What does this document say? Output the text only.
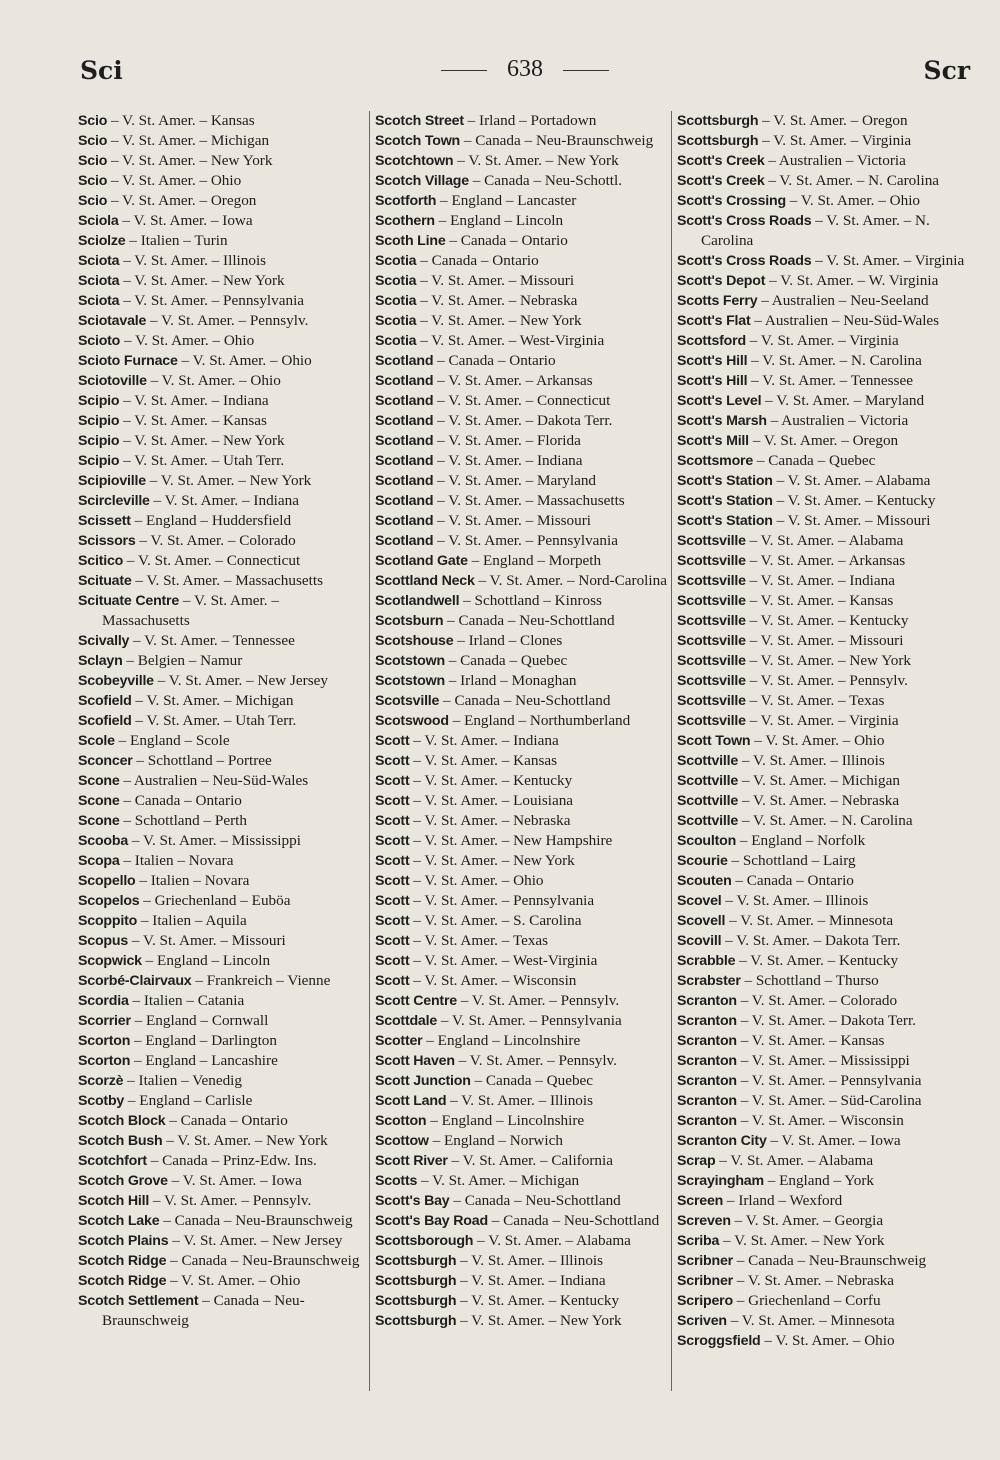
Sci	638	Scr
Scio – V. St. Amer. – Kansas
Scio – V. St. Amer. – Michigan
Scio – V. St. Amer. – New York
Scio – V. St. Amer. – Ohio
Scio – V. St. Amer. – Oregon
Sciola – V. St. Amer. – Iowa
Sciolze – Italien – Turin
Sciota – V. St. Amer. – Illinois
Sciota – V. St. Amer. – New York
Sciota – V. St. Amer. – Pennsylvania
Sciotavale – V. St. Amer. – Pennsylv.
Scioto – V. St. Amer. – Ohio
Scioto Furnace – V. St. Amer. – Ohio
Sciotoville – V. St. Amer. – Ohio
Scipio – V. St. Amer. – Indiana
Scipio – V. St. Amer. – Kansas
Scipio – V. St. Amer. – New York
Scipio – V. St. Amer. – Utah Terr.
Scipioville – V. St. Amer. – New York
Scircleville – V. St. Amer. – Indiana
Scissett – England – Huddersfield
Scissors – V. St. Amer. – Colorado
Scitico – V. St. Amer. – Connecticut
Scituate – V. St. Amer. – Massachusetts
Scituate Centre – V. St. Amer. – Massachusetts
Scivally – V. St. Amer. – Tennessee
Sclayn – Belgien – Namur
Scobeyville – V. St. Amer. – New Jersey
Scofield – V. St. Amer. – Michigan
Scofield – V. St. Amer. – Utah Terr.
Scole – England – Scole
Sconcer – Schottland – Portree
Scone – Australien – Neu-Süd-Wales
Scone – Canada – Ontario
Scone – Schottland – Perth
Scooba – V. St. Amer. – Mississippi
Scopa – Italien – Novara
Scopello – Italien – Novara
Scopelos – Griechenland – Euböa
Scoppito – Italien – Aquila
Scopus – V. St. Amer. – Missouri
Scopwick – England – Lincoln
Scorbé-Clairvaux – Frankreich – Vienne
Scordia – Italien – Catania
Scorrier – England – Cornwall
Scorton – England – Darlington
Scorton – England – Lancashire
Scorzè – Italien – Venedig
Scotby – England – Carlisle
Scotch Block – Canada – Ontario
Scotch Bush – V. St. Amer. – New York
Scotchfort – Canada – Prinz-Edw. Ins.
Scotch Grove – V. St. Amer. – Iowa
Scotch Hill – V. St. Amer. – Pennsylv.
Scotch Lake – Canada – Neu-Braunschweig
Scotch Plains – V. St. Amer. – New Jersey
Scotch Ridge – Canada – Neu-Braunschweig
Scotch Ridge – V. St. Amer. – Ohio
Scotch Settlement – Canada – Neu-Braunschweig
Scotch Street – Irland – Portadown
Scotch Town – Canada – Neu-Braunschweig
Scotchtown – V. St. Amer. – New York
Scotch Village – Canada – Neu-Schottl.
Scotforth – England – Lancaster
Scothern – England – Lincoln
Scoth Line – Canada – Ontario
Scotia – Canada – Ontario
Scotia – V. St. Amer. – Missouri
Scotia – V. St. Amer. – Nebraska
Scotia – V. St. Amer. – New York
Scotia – V. St. Amer. – West-Virginia
Scotland – Canada – Ontario
Scotland – V. St. Amer. – Arkansas
Scotland – V. St. Amer. – Connecticut
Scotland – V. St. Amer. – Dakota Terr.
Scotland – V. St. Amer. – Florida
Scotland – V. St. Amer. – Indiana
Scotland – V. St. Amer. – Maryland
Scotland – V. St. Amer. – Massachusetts
Scotland – V. St. Amer. – Missouri
Scotland – V. St. Amer. – Pennsylvania
Scotland Gate – England – Morpeth
Scottland Neck – V. St. Amer. – Nord-Carolina
Scotlandwell – Schottland – Kinross
Scotsburn – Canada – Neu-Schottland
Scotshouse – Irland – Clones
Scotstown – Canada – Quebec
Scotstown – Irland – Monaghan
Scotsville – Canada – Neu-Schottland
Scotswood – England – Northumberland
Scott – V. St. Amer. – Indiana
Scott – V. St. Amer. – Kansas
Scott – V. St. Amer. – Kentucky
Scott – V. St. Amer. – Louisiana
Scott – V. St. Amer. – Nebraska
Scott – V. St. Amer. – New Hampshire
Scott – V. St. Amer. – New York
Scott – V. St. Amer. – Ohio
Scott – V. St. Amer. – Pennsylvania
Scott – V. St. Amer. – S. Carolina
Scott – V. St. Amer. – Texas
Scott – V. St. Amer. – West-Virginia
Scott – V. St. Amer. – Wisconsin
Scott Centre – V. St. Amer. – Pennsylv.
Scottdale – V. St. Amer. – Pennsylvania
Scotter – England – Lincolnshire
Scott Haven – V. St. Amer. – Pennsylv.
Scott Junction – Canada – Quebec
Scott Land – V. St. Amer. – Illinois
Scotton – England – Lincolnshire
Scottow – England – Norwich
Scott River – V. St. Amer. – California
Scotts – V. St. Amer. – Michigan
Scott's Bay – Canada – Neu-Schottland
Scott's Bay Road – Canada – Neu-Schottland
Scottsborough – V. St. Amer. – Alabama
Scottsburgh – V. St. Amer. – Illinois
Scottsburgh – V. St. Amer. – Indiana
Scottsburgh – V. St. Amer. – Kentucky
Scottsburgh – V. St. Amer. – New York
Scottsburgh – V. St. Amer. – Oregon
Scottsburgh – V. St. Amer. – Virginia
Scott's Creek – Australien – Victoria
Scott's Creek – V. St. Amer. – N. Carolina
Scott's Crossing – V. St. Amer. – Ohio
Scott's Cross Roads – V. St. Amer. – N. Carolina
Scott's Cross Roads – V. St. Amer. – Virginia
Scott's Depot – V. St. Amer. – W. Virginia
Scotts Ferry – Australien – Neu-Seeland
Scott's Flat – Australien – Neu-Süd-Wales
Scottsford – V. St. Amer. – Virginia
Scott's Hill – V. St. Amer. – N. Carolina
Scott's Hill – V. St. Amer. – Tennessee
Scott's Level – V. St. Amer. – Maryland
Scott's Marsh – Australien – Victoria
Scott's Mill – V. St. Amer. – Oregon
Scottsmore – Canada – Quebec
Scott's Station – V. St. Amer. – Alabama
Scott's Station – V. St. Amer. – Kentucky
Scott's Station – V. St. Amer. – Missouri
Scottsville – V. St. Amer. – Alabama
Scottsville – V. St. Amer. – Arkansas
Scottsville – V. St. Amer. – Indiana
Scottsville – V. St. Amer. – Kansas
Scottsville – V. St. Amer. – Kentucky
Scottsville – V. St. Amer. – Missouri
Scottsville – V. St. Amer. – New York
Scottsville – V. St. Amer. – Pennsylv.
Scottsville – V. St. Amer. – Texas
Scottsville – V. St. Amer. – Virginia
Scott Town – V. St. Amer. – Ohio
Scottville – V. St. Amer. – Illinois
Scottville – V. St. Amer. – Michigan
Scottville – V. St. Amer. – Nebraska
Scottville – V. St. Amer. – N. Carolina
Scoulton – England – Norfolk
Scourie – Schottland – Lairg
Scouten – Canada – Ontario
Scovel – V. St. Amer. – Illinois
Scovell – V. St. Amer. – Minnesota
Scovill – V. St. Amer. – Dakota Terr.
Scrabble – V. St. Amer. – Kentucky
Scrabster – Schottland – Thurso
Scranton – V. St. Amer. – Colorado
Scranton – V. St. Amer. – Dakota Terr.
Scranton – V. St. Amer. – Kansas
Scranton – V. St. Amer. – Mississippi
Scranton – V. St. Amer. – Pennsylvania
Scranton – V. St. Amer. – Süd-Carolina
Scranton – V. St. Amer. – Wisconsin
Scranton City – V. St. Amer. – Iowa
Scrap – V. St. Amer. – Alabama
Scrayingham – England – York
Screen – Irland – Wexford
Screven – V. St. Amer. – Georgia
Scriba – V. St. Amer. – New York
Scribner – Canada – Neu-Braunschweig
Scribner – V. St. Amer. – Nebraska
Scripero – Griechenland – Corfu
Scriven – V. St. Amer. – Minnesota
Scroggsfield – V. St. Amer. – Ohio
